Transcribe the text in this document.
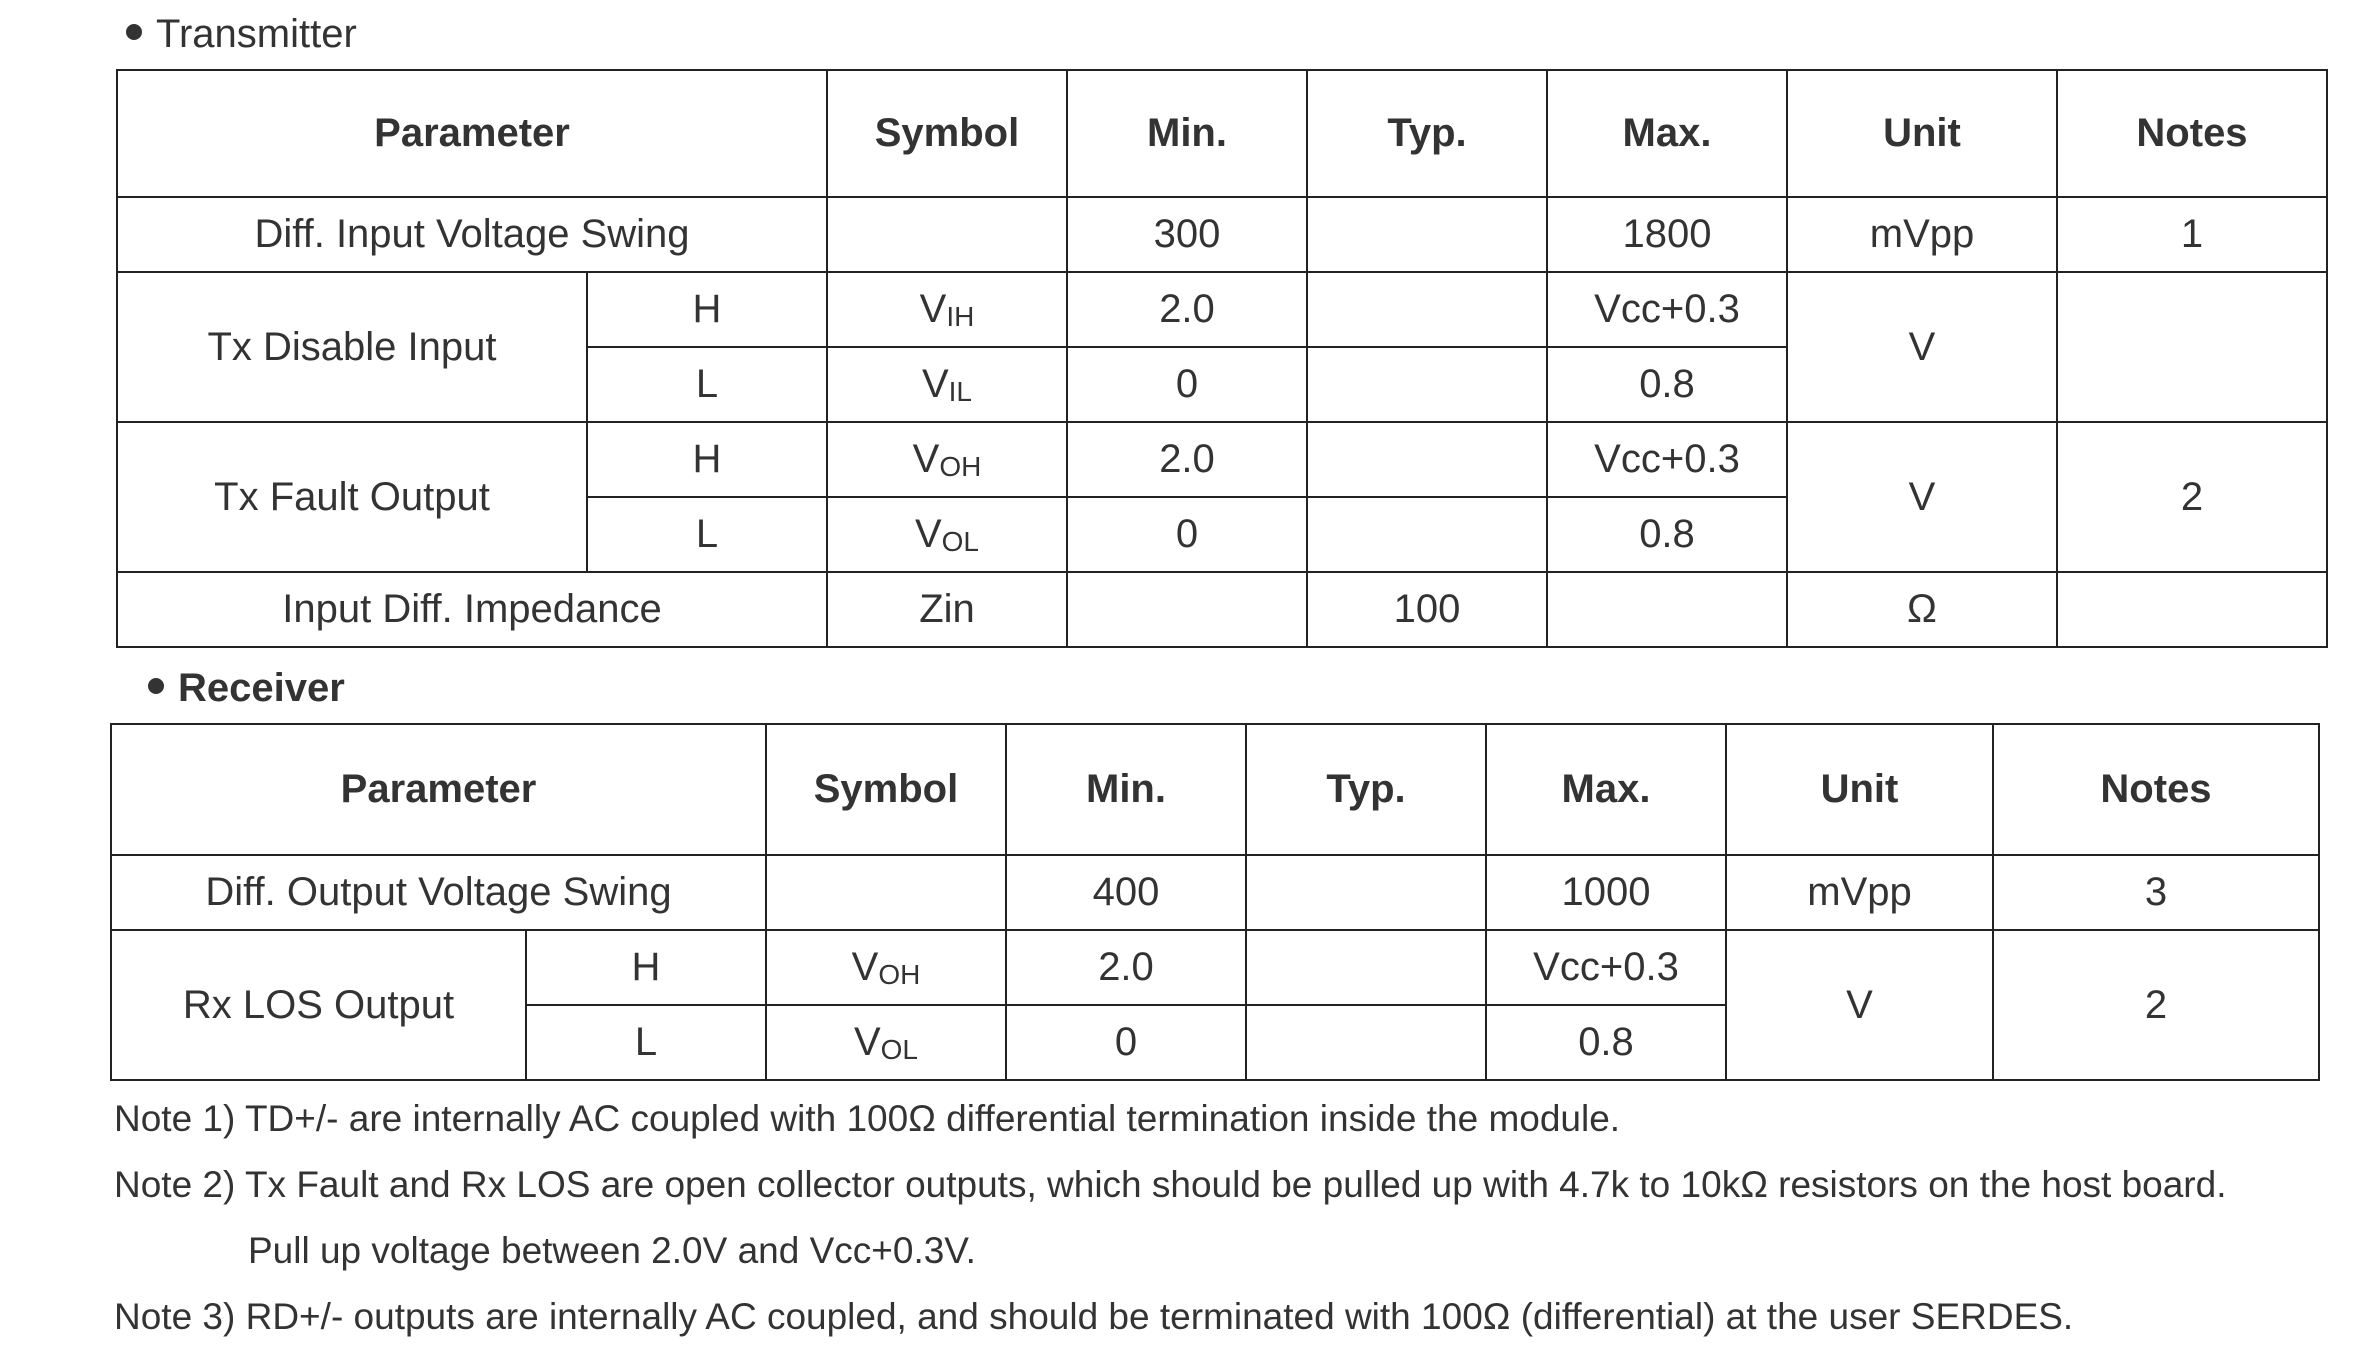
Transmitter
Parameter		Symbol	Min.	Typ.	Max.	Unit	Notes
Diff. Input Voltage Swing			300		1800	mVpp	1
Tx Disable Input	H	$V_{IH}$	2.0		Vcc+0.3	V	
	L	$V_{IL}$	0		0.8		
Tx Fault Output	H	$V_{OH}$	2.0		Vcc+0.3	V	2
	L	$V_{OL}$	0		0.8		
Input Diff. Impedance		Zin		100		Ω	
Receiver
Parameter		Symbol	Min.	Typ.	Max.	Unit	Notes
Diff. Output Voltage Swing			400		1000	mVpp	3
Rx LOS Output	H	$V_{OH}$	2.0		Vcc+0.3	V	2
	L	$V_{OL}$	0		0.8		
Note 1) TD+/- are internally AC coupled with 100Ω differential termination inside the module.
Note 2) Tx Fault and Rx LOS are open collector outputs, which should be pulled up with 4.7k to 10kΩ resistors on the host board.
Pull up voltage between 2.0V and Vcc+0.3V.
Note 3) RD+/- outputs are internally AC coupled, and should be terminated with 100Ω (differential) at the user SERDES.
